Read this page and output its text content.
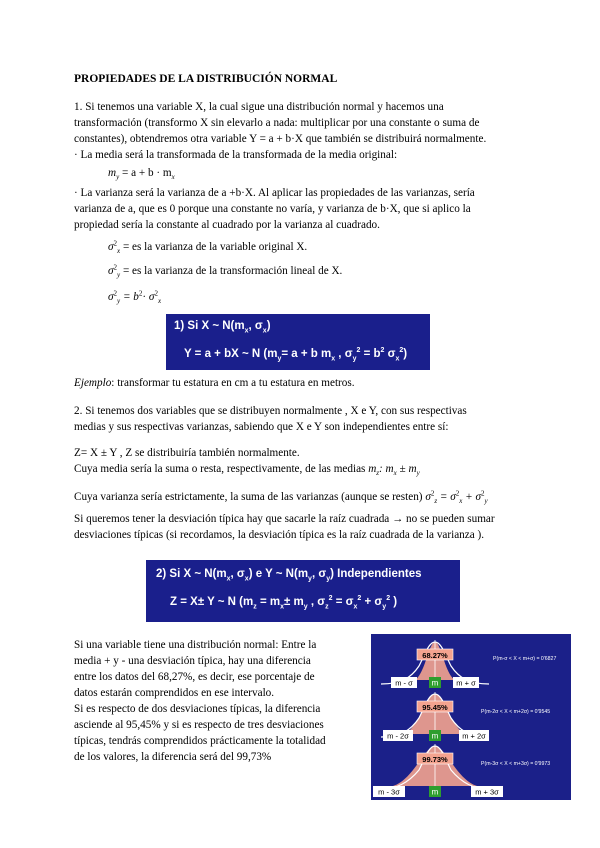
PROPIEDADES DE LA DISTRIBUCIÓN NORMAL
1. Si tenemos una variable X, la cual sigue una distribución normal y hacemos una
transformación (transformo X sin elevarlo a nada: multiplicar por una constante o suma de
constantes), obtendremos otra variable Y = a + b·X que también se distribuirá normalmente.
· La media será la transformada de la transformada de la media original:
$m_y = a + b \cdot m_x$
· La varianza será la varianza de a +b·X. Al aplicar las propiedades de las varianzas, sería
varianza de a, que es 0 porque una constante no varía, y varianza de b·X, que si aplico la
propiedad sería la constante al cuadrado por la varianza al cuadrado.
$\sigma^2_x$ = es la varianza de la variable original X.
$\sigma^2_y$ = es la varianza de la transformación lineal de X.
$\sigma^2_y = b^2\cdot \sigma^2_x$
1) Si X ~ $N(m_x$, $\sigma_x$)
Y = a + bX ~ N ($m_y= a + b$ $m_x$ , $\sigma_y^2 = b^2$ $\sigma_x^2$)
Ejemplo: transformar tu estatura en cm a tu estatura en metros.
2. Si tenemos dos variables que se distribuyen normalmente , X e Y, con sus respectivas
medias y sus respectivas varianzas, sabiendo que X e Y son independientes entre sí:
Z= X ± Y , Z se distribuiría también normalmente.
Cuya media sería la suma o resta, respectivamente, de las medias $m_z$: $m_x \pm m_y$
Cuya varianza sería estrictamente, la suma de las varianzas (aunque se resten) $\sigma^2_z = \sigma^2_x + \sigma^2_y$
Si queremos tener la desviación típica hay que sacarle la raíz cuadrada → no se pueden sumar
desviaciones típicas (si recordamos, la desviación típica es la raíz cuadrada de la varianza ).
2) Si X ~ $N(m_x$, $\sigma_x$) e Y ~ $N(m_y$, $\sigma_y$) Independientes
Z = X± Y ~ N ($m_z = m_x\pm m_y$ , $\sigma_z^2 = \sigma_x^2 + \sigma_y^2$ )
Si una variable tiene una distribución normal: Entre la
media + y - una desviación típica, hay una diferencia
entre los datos del 68,27%, es decir, ese porcentaje de
datos estarán comprendidos en ese intervalo.
Si es respecto de dos desviaciones típicas, la diferencia
asciende al 95,45% y si es respecto de tres desviaciones
típicas, tendrás comprendidos prácticamente la totalidad
de los valores, la diferencia será del 99,73%
68.27%
m - σ m m + σ
P(m-σ < X < m+σ) = 0'6827
95.45%
m - 2σ	m	m + 2σ
P(m-2σ < X < m+2σ) = 0'9545
99.73%
m - 3σ	m	m + 3σ
P(m-3σ < X < m+3σ) = 0'9973
